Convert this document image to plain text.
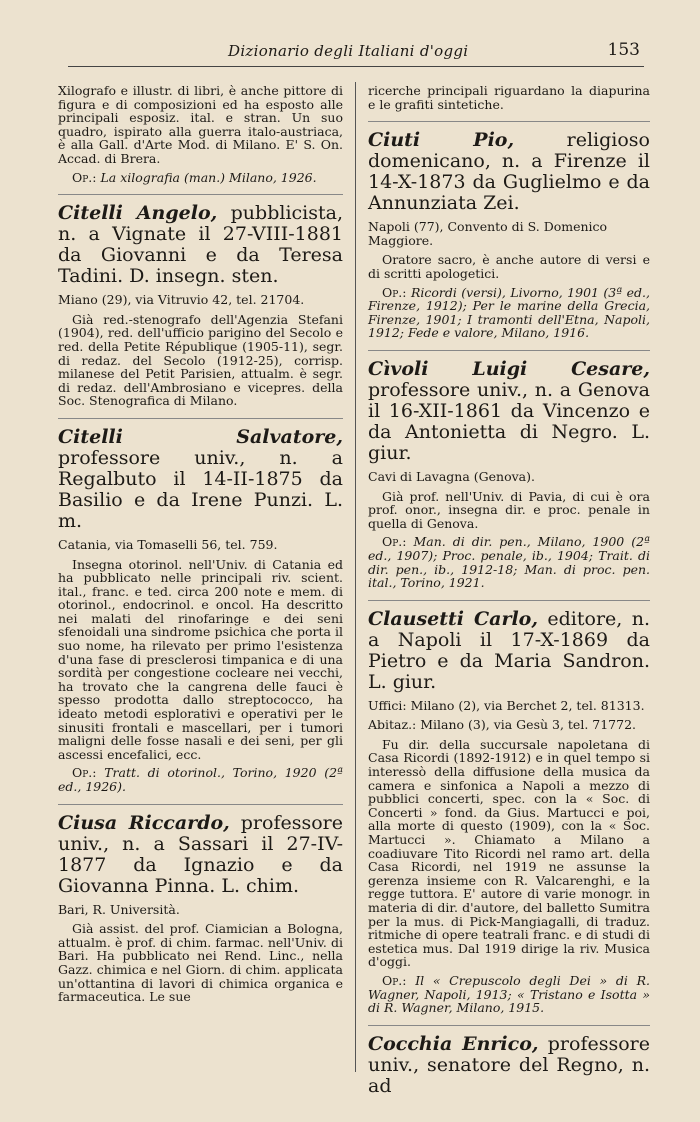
Dizionario degli Italiani d'oggi	153
Xilografo e illustr. di libri, è anche pittore di figura e di composizioni ed ha esposto alle principali esposiz. ital. e stran. Un suo quadro, ispirato alla guerra italo-austriaca, è alla Gall. d'Arte Mod. di Milano. E' S. On. Accad. di Brera.
Op.: La xilografia (man.) Milano, 1926.
Citelli Angelo, pubblicista, n. a Vignate il 27-VIII-1881 da Giovanni e da Teresa Tadini. D. insegn. sten.
Miano (29), via Vitruvio 42, tel. 21704.
Già red.-stenografo dell'Agenzia Stefani (1904), red. dell'ufficio parigino del Secolo e red. della Petite République (1905-11), segr. di redaz. del Secolo (1912-25), corrisp. milanese del Petit Parisien, attualm. è segr. di redaz. dell'Ambrosiano e vicepres. della Soc. Stenografica di Milano.
Citelli Salvatore, professore univ., n. a Regalbuto il 14-II-1875 da Basilio e da Irene Punzi. L. m.
Catania, via Tomaselli 56, tel. 759.
Insegna otorinol. nell'Univ. di Catania ed ha pubblicato nelle principali riv. scient. ital., franc. e ted. circa 200 note e mem. di otorinol., endocrinol. e oncol. Ha descritto nei malati del rinofaringe e dei seni sfenoidali una sindrome psichica che porta il suo nome, ha rilevato per primo l'esistenza d'una fase di presclerosi timpanica e di una sordità per congestione cocleare nei vecchi, ha trovato che la cangrena delle fauci è spesso prodotta dallo streptococco, ha ideato metodi esplorativi e operativi per le sinusiti frontali e mascellari, per i tumori maligni delle fosse nasali e dei seni, per gli ascessi encefalici, ecc.
Op.: Tratt. di otorinol., Torino, 1920 (2ª ed., 1926).
Ciusa Riccardo, professore univ., n. a Sassari il 27-IV-1877 da Ignazio e da Giovanna Pinna. L. chim.
Bari, R. Università.
Già assist. del prof. Ciamician a Bologna, attualm. è prof. di chim. farmac. nell'Univ. di Bari. Ha pubblicato nei Rend. Linc., nella Gazz. chimica e nel Giorn. di chim. applicata un'ottantina di lavori di chimica organica e farmaceutica. Le sue
ricerche principali riguardano la diapurina e le grafiti sintetiche.
Ciuti Pio,	religioso domenicano, n. a Firenze il 14-X-1873 da Guglielmo e da Annunziata Zei.
Napoli (77), Convento di S. Domenico Maggiore.
Oratore sacro, è anche autore di versi e di scritti apologetici.
Op.: Ricordi (versi), Livorno, 1901 (3ª ed., Firenze, 1912); Per le marine della Grecia, Firenze, 1901; I tramonti dell'Etna, Napoli, 1912; Fede e valore, Milano, 1916.
Cìvoli Luigi Cesare, professore univ., n. a Genova il 16-XII-1861 da Vincenzo e da Antonietta di Negro. L. giur.
Cavi di Lavagna (Genova).
Già prof. nell'Univ. di Pavia, di cui è ora prof. onor., insegna dir. e proc. penale in quella di Genova.
Op.: Man. di dir. pen., Milano, 1900 (2ª ed., 1907); Proc. penale, ib., 1904; Trait. di dir. pen., ib., 1912-18; Man. di proc. pen. ital., Torino, 1921.
Clausetti Carlo, editore, n. a Napoli il 17-X-1869 da Pietro e da Maria Sandron. L. giur.
Uffici: Milano (2), via Berchet 2, tel. 81313.
Abitaz.: Milano (3), via Gesù 3, tel. 71772.
Fu dir. della succursale napoletana di Casa Ricordi (1892-1912) e in quel tempo si interessò della diffusione della musica da camera e sinfonica a Napoli a mezzo di pubblici concerti, spec. con la « Soc. di Concerti » fond. da Gius. Martucci e poi, alla morte di questo (1909), con la « Soc. Martucci ». Chiamato a Milano a coadiuvare Tito Ricordi nel ramo art. della Casa Ricordi, nel 1919 ne assunse la gerenza insieme con R. Valcarenghi, e la regge tuttora. E' autore di varie monogr. in materia di dir. d'autore, del balletto Sumitra per la mus. di Pick-Mangiagalli, di traduz. ritmiche di opere teatrali franc. e di studi di estetica mus. Dal 1919 dirige la riv. Musica d'oggi.
Op.: Il « Crepuscolo degli Dei » di R. Wagner, Napoli, 1913; « Tristano e Isotta » di R. Wagner, Milano, 1915.
Cocchia Enrico, professore univ., senatore del Regno, n. ad
